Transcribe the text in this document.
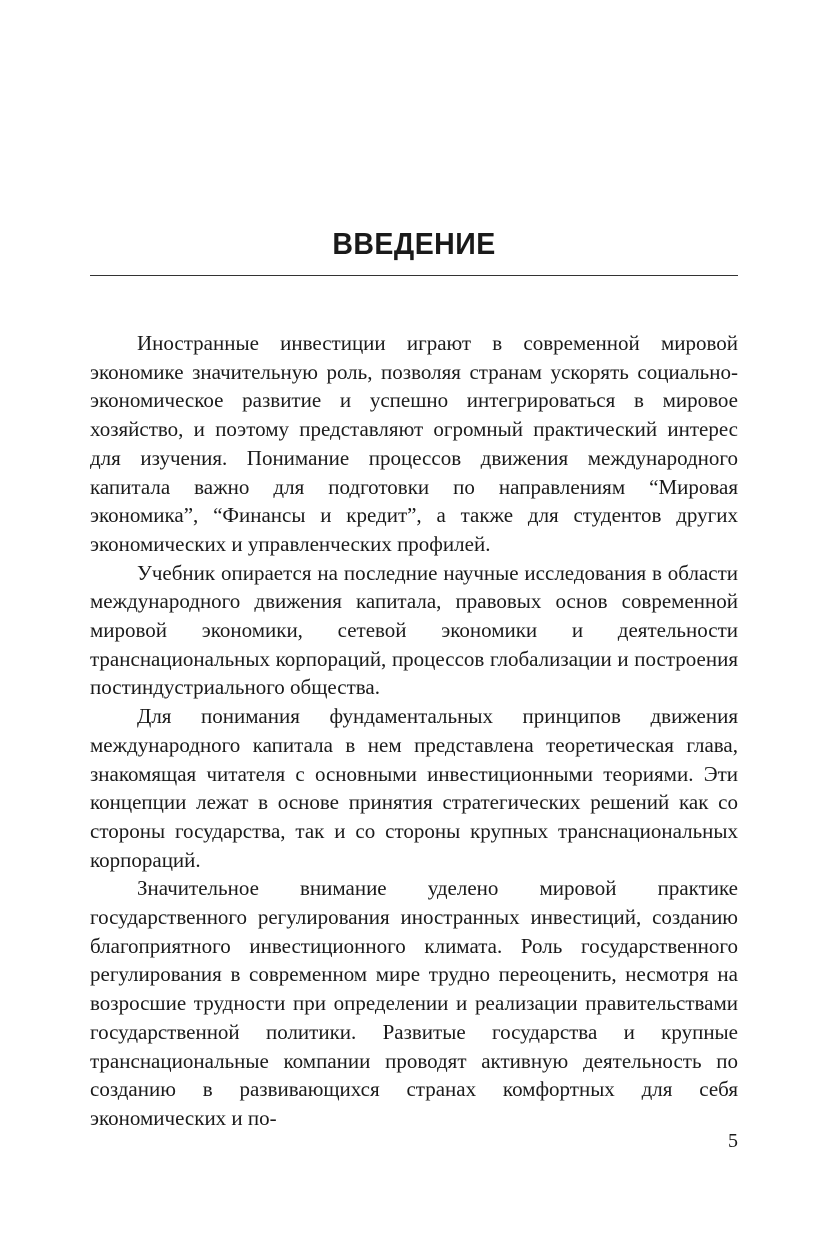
ВВЕДЕНИЕ

Иностранные инвестиции играют в современной мировой экономике значительную роль, позволяя странам ускорять социально-экономическое развитие и успешно интегрироваться в мировое хозяйство, и поэтому представляют огромный практический интерес для изучения. Понимание процессов движения международного капитала важно для подготовки по направлениям “Мировая экономика”, “Финансы и кредит”, а также для студентов других экономических и управленческих профилей.

Учебник опирается на последние научные исследования в области международного движения капитала, правовых основ современной мировой экономики, сетевой экономики и деятельности транснациональных корпораций, процессов глобализации и построения постиндустриального общества.

Для понимания фундаментальных принципов движения международного капитала в нем представлена теоретическая глава, знакомящая читателя с основными инвестиционными теориями. Эти концепции лежат в основе принятия стратегических решений как со стороны государства, так и со стороны крупных транснациональных корпораций.

Значительное внимание уделено мировой практике государственного регулирования иностранных инвестиций, созданию благоприятного инвестиционного климата. Роль государственного регулирования в современном мире трудно переоценить, несмотря на возросшие трудности при определении и реализации правительствами государственной политики. Развитые государства и крупные транснациональные компании проводят активную деятельность по созданию в развивающихся странах комфортных для себя экономических и по-

5
